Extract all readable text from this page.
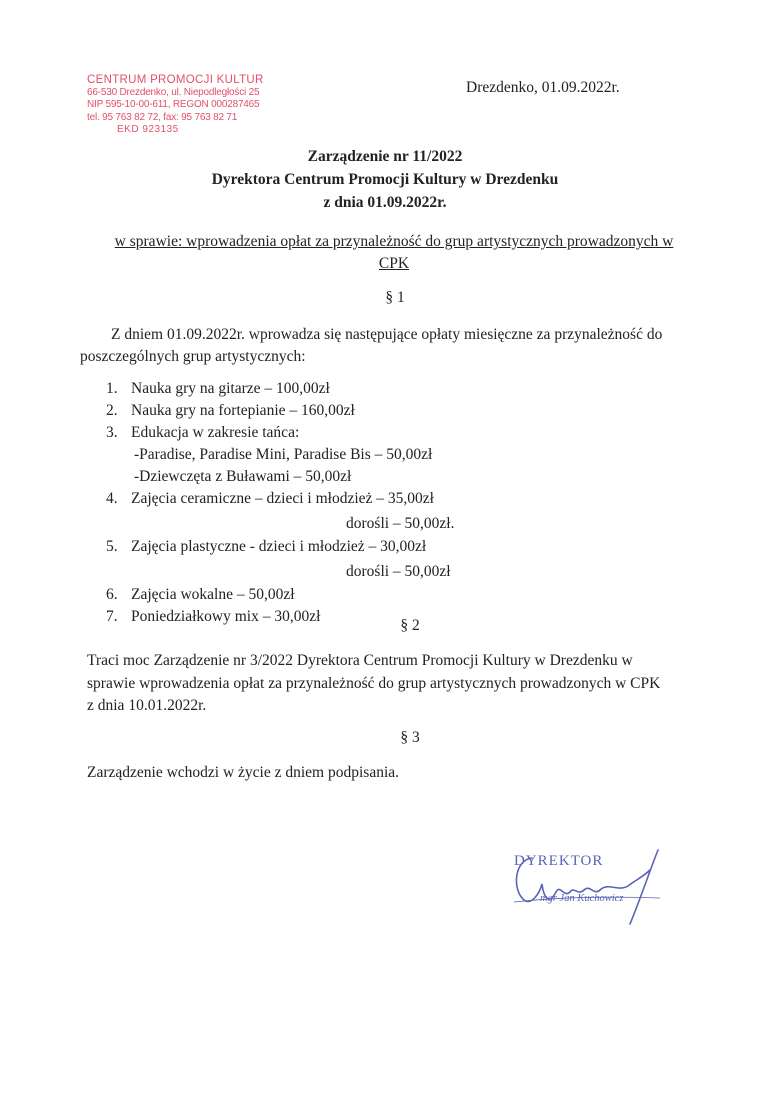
CENTRUM PROMOCJI KULTUR
66-530 Drezdenko, ul. Niepodległości 25
NIP 595-10-00-611, REGON 000287465
tel. 95 763 82 72, fax: 95 763 82 71
EKD 923135
Drezdenko, 01.09.2022r.
Zarządzenie nr 11/2022
Dyrektora Centrum Promocji Kultury w Drezdenku
z dnia 01.09.2022r.
w sprawie: wprowadzenia opłat za przynależność do grup artystycznych prowadzonych w
CPK
§ 1
Z dniem 01.09.2022r. wprowadza się następujące opłaty miesięczne za przynależność do
poszczególnych grup artystycznych:
1. Nauka gry na gitarze – 100,00zł
2. Nauka gry na fortepianie – 160,00zł
3. Edukacja w zakresie tańca:
-Paradise, Paradise Mini, Paradise Bis – 50,00zł
-Dziewczęta z Buławami – 50,00zł
4. Zajęcia ceramiczne – dzieci i młodzież – 35,00zł
dorośli – 50,00zł.
5. Zajęcia plastyczne - dzieci i młodzież – 30,00zł
dorośli – 50,00zł
6. Zajęcia wokalne – 50,00zł
7. Poniedziałkowy mix – 30,00zł
§ 2
Traci moc Zarządzenie nr 3/2022 Dyrektora Centrum Promocji Kultury w Drezdenku w
sprawie wprowadzenia opłat za przynależność do grup artystycznych prowadzonych w CPK
z dnia 10.01.2022r.
§ 3
Zarządzenie wchodzi w życie z dniem podpisania.
DYREKTOR
mgr Jan Kuchowicz
